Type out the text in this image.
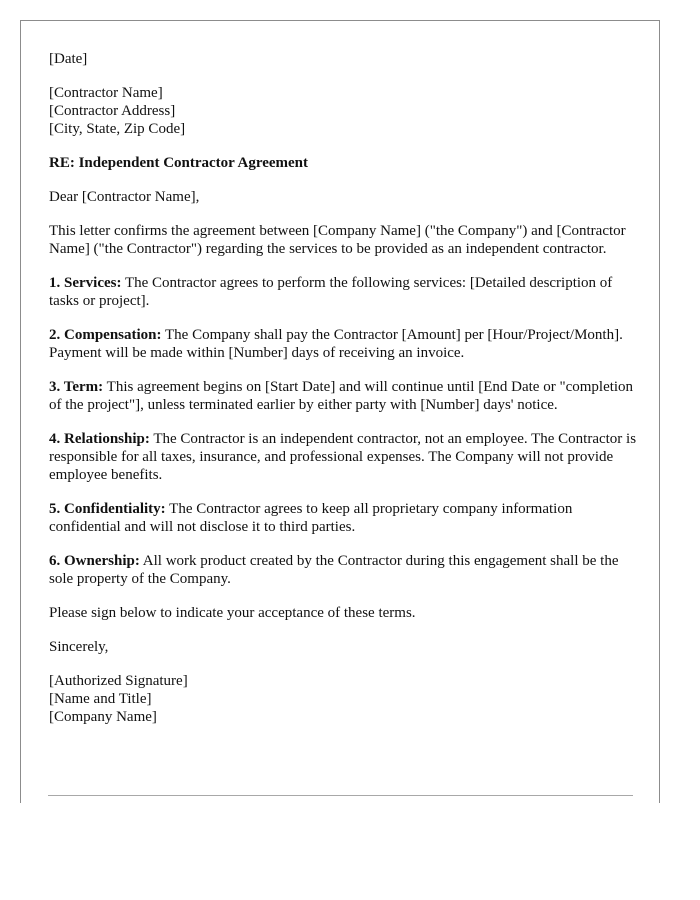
[Date]
[Contractor Name]
[Contractor Address]
[City, State, Zip Code]
RE: Independent Contractor Agreement
Dear [Contractor Name],
This letter confirms the agreement between [Company Name] ("the Company") and [Contractor Name] ("the Contractor") regarding the services to be provided as an independent contractor.
1. Services: The Contractor agrees to perform the following services: [Detailed description of tasks or project].
2. Compensation: The Company shall pay the Contractor [Amount] per [Hour/Project/Month]. Payment will be made within [Number] days of receiving an invoice.
3. Term: This agreement begins on [Start Date] and will continue until [End Date or "completion of the project"], unless terminated earlier by either party with [Number] days' notice.
4. Relationship: The Contractor is an independent contractor, not an employee. The Contractor is responsible for all taxes, insurance, and professional expenses. The Company will not provide employee benefits.
5. Confidentiality: The Contractor agrees to keep all proprietary company information confidential and will not disclose it to third parties.
6. Ownership: All work product created by the Contractor during this engagement shall be the sole property of the Company.
Please sign below to indicate your acceptance of these terms.
Sincerely,
[Authorized Signature]
[Name and Title]
[Company Name]
